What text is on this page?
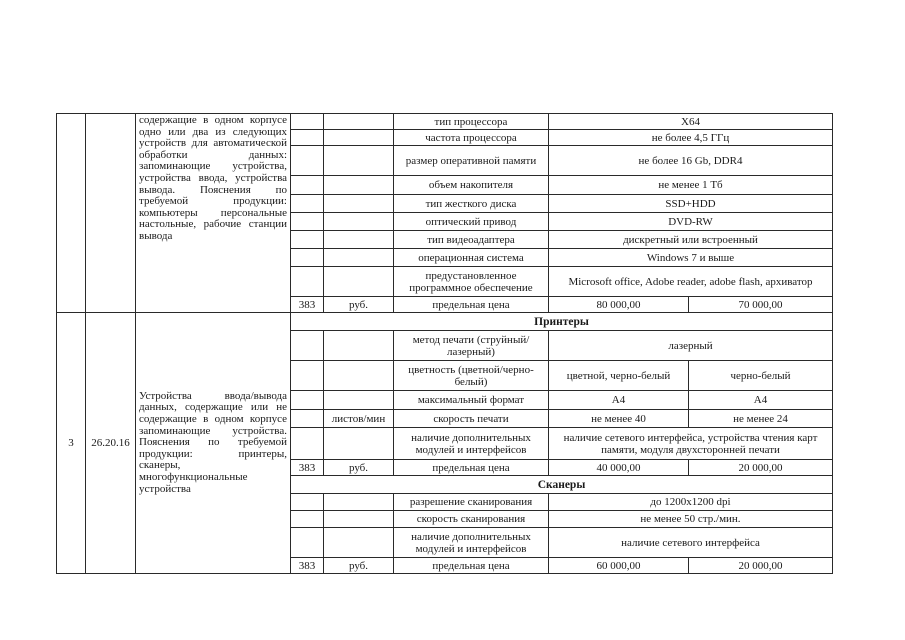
		содержащие в одном корпусе одно или два из следующих устройств для автоматической обработки данных: запоминающие устройства, устройства ввода, устройства вывода. Пояснения по требуемой продукции: компьютеры персональные настольные, рабочие станции вывода			тип процессора	Х64	
					частота процессора	не более 4,5 ГГц	
					размер оперативной памяти	не более 16 Gb, DDR4	
					объем накопителя	не менее 1 Тб	
					тип жесткого диска	SSD+HDD	
					оптический привод	DVD-RW	
					тип видеоадаптера	дискретный или встроенный	
					операционная система	Windows 7 и выше	
					предустановленное программное обеспечение	Microsoft office, Adobe reader, adobe flash, архиватор	
			383	руб.	предельная цена	80 000,00	70 000,00
3	26.20.16	Устройства ввода/вывода данных, содержащие или не содержащие в одном корпусе запоминающие устройства. Пояснения по требуемой продукции: принтеры, сканеры, многофункциональные устройства	Принтеры				
					метод печати (струйный/лазерный)	лазерный	
					цветность (цветной/черно-белый)	цветной, черно-белый	черно-белый
					максимальный формат	А4	А4
				листов/мин	скорость печати	не менее 40	не менее 24
					наличие дополнительных модулей и интерфейсов	наличие сетевого интерфейса, устройства чтения карт памяти, модуля двухсторонней печати	
			383	руб.	предельная цена	40 000,00	20 000,00
			Сканеры				
					разрешение сканирования	до 1200х1200 dpi	
					скорость сканирования	не менее 50 стр./мин.	
					наличие дополнительных модулей и интерфейсов	наличие сетевого интерфейса	
			383	руб.	предельная цена	60 000,00	20 000,00
